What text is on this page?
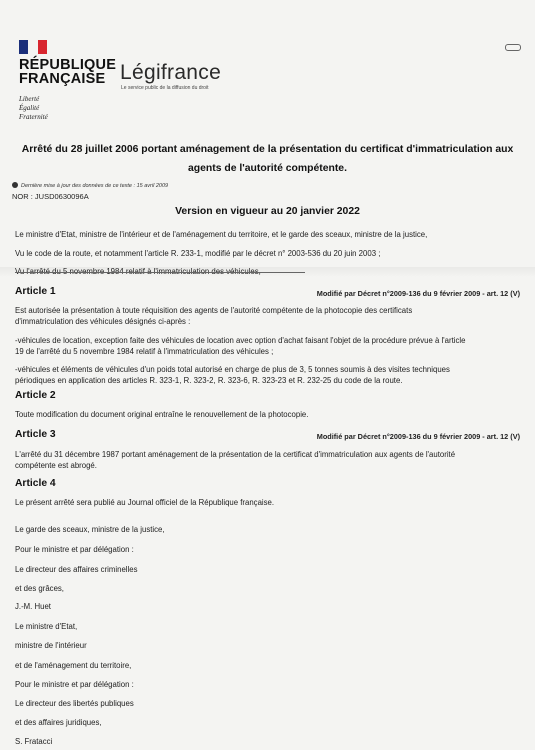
RÉPUBLIQUE
FRANÇAISE
Liberté
Égalité
Fraternité
Légifrance
Le service public de la diffusion du droit
Arrêté du 28 juillet 2006 portant aménagement de la présentation du certificat d'immatriculation aux
agents de l'autorité compétente.
Dernière mise à jour des données de ce texte : 15 avril 2009
NOR : JUSD0630096A
Version en vigueur au 20 janvier 2022
Le ministre d'Etat, ministre de l'intérieur et de l'aménagement du territoire, et le garde des sceaux, ministre de la justice,
Vu le code de la route, et notamment l'article R. 233-1, modifié par le décret n° 2003-536 du 20 juin 2003 ;
Article 1	Modifié par Décret n°2009-136 du 9 février 2009 - art. 12 (V)
Est autorisée la présentation à toute réquisition des agents de l'autorité compétente de la photocopie des certificats
d'immatriculation des véhicules désignés ci-après :
-véhicules de location, exception faite des véhicules de location avec option d'achat faisant l'objet de la procédure prévue à l'article
19 de l'arrêté du 5 novembre 1984 relatif à l'immatriculation des véhicules ;
-véhicules et éléments de véhicules d'un poids total autorisé en charge de plus de 3, 5 tonnes soumis à des visites techniques
périodiques en application des articles R. 323-1, R. 323-2, R. 323-6, R. 323-23 et R. 232-25 du code de la route.
Article 2
Toute modification du document original entraîne le renouvellement de la photocopie.
Article 3	Modifié par Décret n°2009-136 du 9 février 2009 - art. 12 (V)
L'arrêté du 31 décembre 1987 portant aménagement de la présentation de la certificat d'immatriculation aux agents de l'autorité
compétente est abrogé.
Article 4
Le présent arrêté sera publié au Journal officiel de la République française.
Le garde des sceaux, ministre de la justice,
Pour le ministre et par délégation :
Le directeur des affaires criminelles
et des grâces,
J.-M. Huet
Le ministre d'Etat,
ministre de l'intérieur
et de l'aménagement du territoire,
Pour le ministre et par délégation :
Le directeur des libertés publiques
et des affaires juridiques,
S. Fratacci
